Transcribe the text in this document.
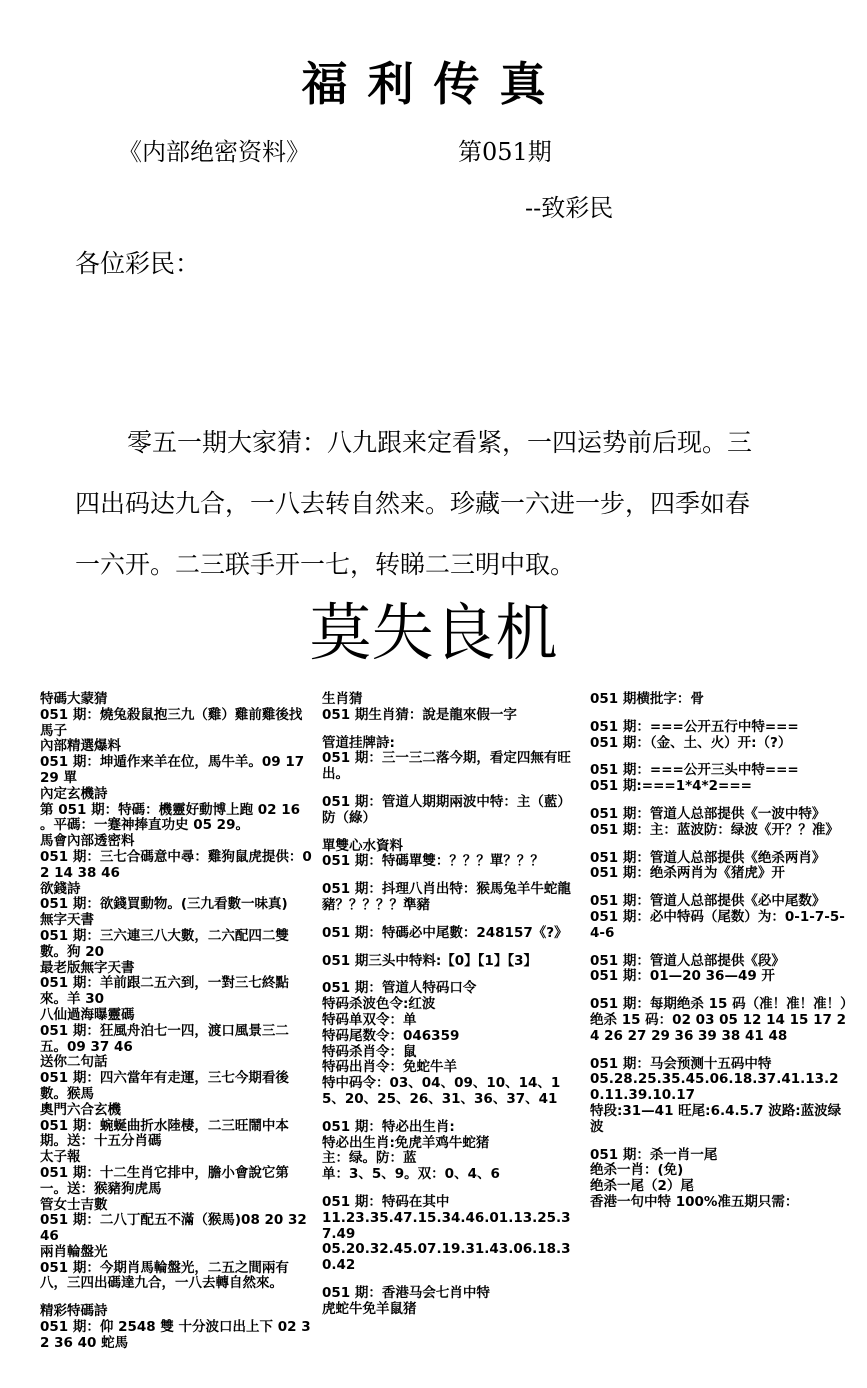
福利传真
《内部绝密资料》	第051期
--致彩民
各位彩民：
零五一期大家猜：八九跟来定看紧，一四运势前后现。三
四出码达九合，一八去转自然来。珍藏一六进一步，四季如春
一六开。二三联手开一七，转睇二三明中取。
莫失良机
特碼大蒙猜
051 期：燒兔殺鼠抱三九（雞）雞前雞後找馬子
內部精選爆料
051 期：坤遁作来羊在位，馬牛羊。09 17 29 單
內定玄機詩
第 051 期：特碼：機靈好動博上跑 02 16 。平碼：一蹇神捧直功史 05 29。
馬會內部透密料
051 期：三七合碼意中尋：雞狗鼠虎提供：02 14 38 46
欲錢詩
051 期：欲錢買動物。(三九看數一味真)
無字天書
051 期：三六連三八大數，二六配四二雙數。狗 20
最老版無字天書
051 期：羊前跟二五六到，一對三七終點來。羊 30
八仙過海曝靈碼
051 期：狂風舟泊七一四，渡口風景三二五。09 37 46
送你二句話
051 期：四六當年有走運，三七今期看後數。猴馬
奧門六合玄機
051 期：蜿蜒曲折水陸棲，二三旺鬧中本期。送：十五分肖碼
太子報
051 期：十二生肖它排中，膽小會說它第一。送：猴豬狗虎馬
管女士吉數
051 期：二八丁配五不滿（猴馬)08 20 32 46
兩肖輪盤光
051 期：今期肖馬輪盤光，二五之間兩有八，三四出碼達九合，一八去轉自然來。
精彩特碼詩
051 期：仰 2548 雙 十分波口出上下 02 32 36 40 蛇馬
生肖猜
051 期生肖猜：說是龍來假一字
管道挂牌詩:
051 期：三一三二落今期，看定四無有旺出。
051 期：管道人期期兩波中特：主（藍）防（綠）
單雙心水資料
051 期：特碼單雙：？？？單？？？
051 期：抖理八肖出特：猴馬兔羊牛蛇龍豬？？？？？準豬
051 期：特碼必中尾數：248157《?》
051 期三头中特料:【0】【1】【3】
051 期：管道人特码口令
特码杀波色令:红波
特码单双令：单
特码尾数令：046359
特码杀肖令：鼠
特码出肖令：免蛇牛羊
特中码令：03、04、09、10、14、15、20、25、26、31、36、37、41
051 期：特必出生肖:
特必出生肖:免虎羊鸡牛蛇猪
主：绿。防：蓝
单：3、5、9。双：0、4、6
051 期：特码在其中
11.23.35.47.15.34.46.01.13.25.37.49
05.20.32.45.07.19.31.43.06.18.30.42
051 期：香港马会七肖中特
虎蛇牛免羊鼠猪
051 期横批字：骨
051 期：===公开五行中特===
051 期：（金、土、火）开:（?）
051 期：===公开三头中特===
051 期:===1*4*2===
051 期：管道人总部提供《一波中特》
051 期：主：蓝波防：绿波《开？？准》
051 期：管道人总部提供《绝杀两肖》
051 期：绝杀两肖为《猪虎》开
051 期：管道人总部提供《必中尾数》
051 期：必中特码（尾数）为：0-1-7-5-4-6
051 期：管道人总部提供《段》
051 期：01—20 36—49 开
051 期：每期绝杀 15 码（准！准！准！）
绝杀 15 码：02 03 05 12 14 15 17 24 26 27 29 36 39 38 41 48
051 期：马会预测十五码中特
05.28.25.35.45.06.18.37.41.13.20.11.39.10.17
特段:31—41 旺尾:6.4.5.7 波路:蓝波绿波
051 期：杀一肖一尾
绝杀一肖：(免)
绝杀一尾（2）尾
香港一句中特 100%准五期只需：
